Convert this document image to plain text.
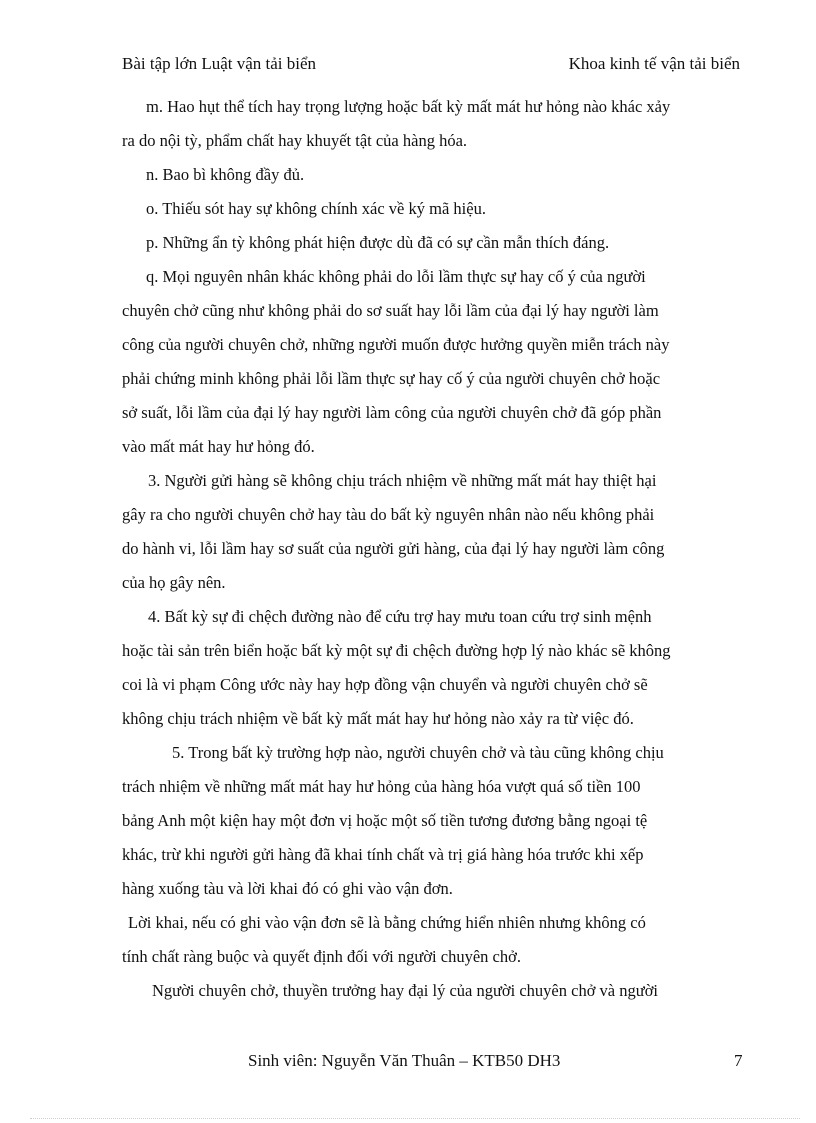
Bài tập lớn Luật vận tải biển	Khoa kinh tế vận tải biển
m. Hao hụt thể tích hay trọng lượng hoặc bất kỳ mất mát hư hỏng nào khác xảy
ra do nội tỳ, phẩm chất hay khuyết tật của hàng hóa.
n. Bao bì không đầy đủ.
o. Thiếu sót hay sự không chính xác về ký mã hiệu.
p. Những ẩn tỳ không phát hiện được dù đã có sự cần mẫn thích đáng.
q. Mọi nguyên nhân khác không phải do lỗi lầm thực sự hay cố ý của người
chuyên chở cũng như không phải do sơ suất hay lỗi lầm của đại lý hay người làm
công của người chuyên chở, những người muốn được hưởng quyền miễn trách này
phải chứng minh không phải lỗi lầm thực sự hay cố ý của người chuyên chở hoặc
sở suất, lỗi lầm của đại lý hay người làm công của người chuyên chở đã góp phần
vào mất mát hay hư hỏng đó.
3. Người gửi hàng sẽ không chịu trách nhiệm về những mất mát hay thiệt hại
gây ra cho người chuyên chở hay tàu do bất kỳ nguyên nhân nào nếu không phải
do hành vi, lỗi lầm hay sơ suất của người gửi hàng, của đại lý hay người làm công
của họ gây nên.
4. Bất kỳ sự đi chệch đường nào để cứu trợ hay mưu toan cứu trợ sinh mệnh
hoặc tài sản trên biển hoặc bất kỳ một sự đi chệch đường hợp lý nào khác sẽ không
coi là vi phạm Công ước này hay hợp đồng vận chuyển và người chuyên chở sẽ
không chịu trách nhiệm về bất kỳ mất mát hay hư hỏng nào xảy ra từ việc đó.
5. Trong bất kỳ trường hợp nào, người chuyên chở và tàu cũng không chịu
trách nhiệm về những mất mát hay hư hỏng của hàng hóa vượt quá số tiền 100
bảng Anh một kiện hay một đơn vị hoặc một số tiền tương đương bằng ngoại tệ
khác, trừ khi người gửi hàng đã khai tính chất và trị giá hàng hóa trước khi xếp
hàng xuống tàu và lời khai đó có ghi vào vận đơn.
Lời khai, nếu có ghi vào vận đơn sẽ là bằng chứng hiển nhiên nhưng không có
tính chất ràng buộc và quyết định đối với người chuyên chở.
Người chuyên chở, thuyền trưởng hay đại lý của người chuyên chở và người
Sinh viên: Nguyễn Văn Thuân – KTB50 DH3	7
